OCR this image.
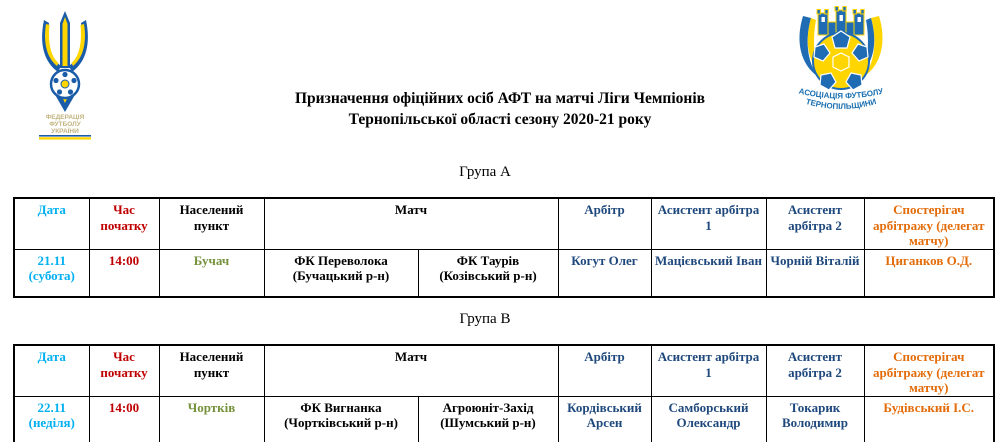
ФЕДЕРАЦІЯ
ФУТБОЛУ
УКРАЇНИ
АСОЦІАЦІЯ ФУТБОЛУ
ТЕРНОПІЛЬЩИНИ
Призначення офіційних осіб АФТ на матчі Ліги Чемпіонів
Тернопільської області сезону 2020-21 року
Група А
Дата	Час початку	Населений пункт	Матч		Арбітр	Асистент арбітра 1	Асистент арбітра 2	Спостерігач арбітражу (делегат матчу)
21.11 (субота)	14:00	Бучач	ФК Переволока (Бучацький р-н)	ФК Таурів (Козівський р-н)	Когут Олег	Мацієвський Іван	Чорній Віталій	Циганков О.Д.
Група В
Дата	Час початку	Населений пункт	Матч		Арбітр	Асистент арбітра 1	Асистент арбітра 2	Спостерігач арбітражу (делегат матчу)
22.11 (неділя)	14:00	Чортків	ФК Вигнанка (Чортківський р-н)	Агроюніт-Захід (Шумський р-н)	Кордівський Арсен	Самборський Олександр	Токарик Володимир	Будівський І.С.
